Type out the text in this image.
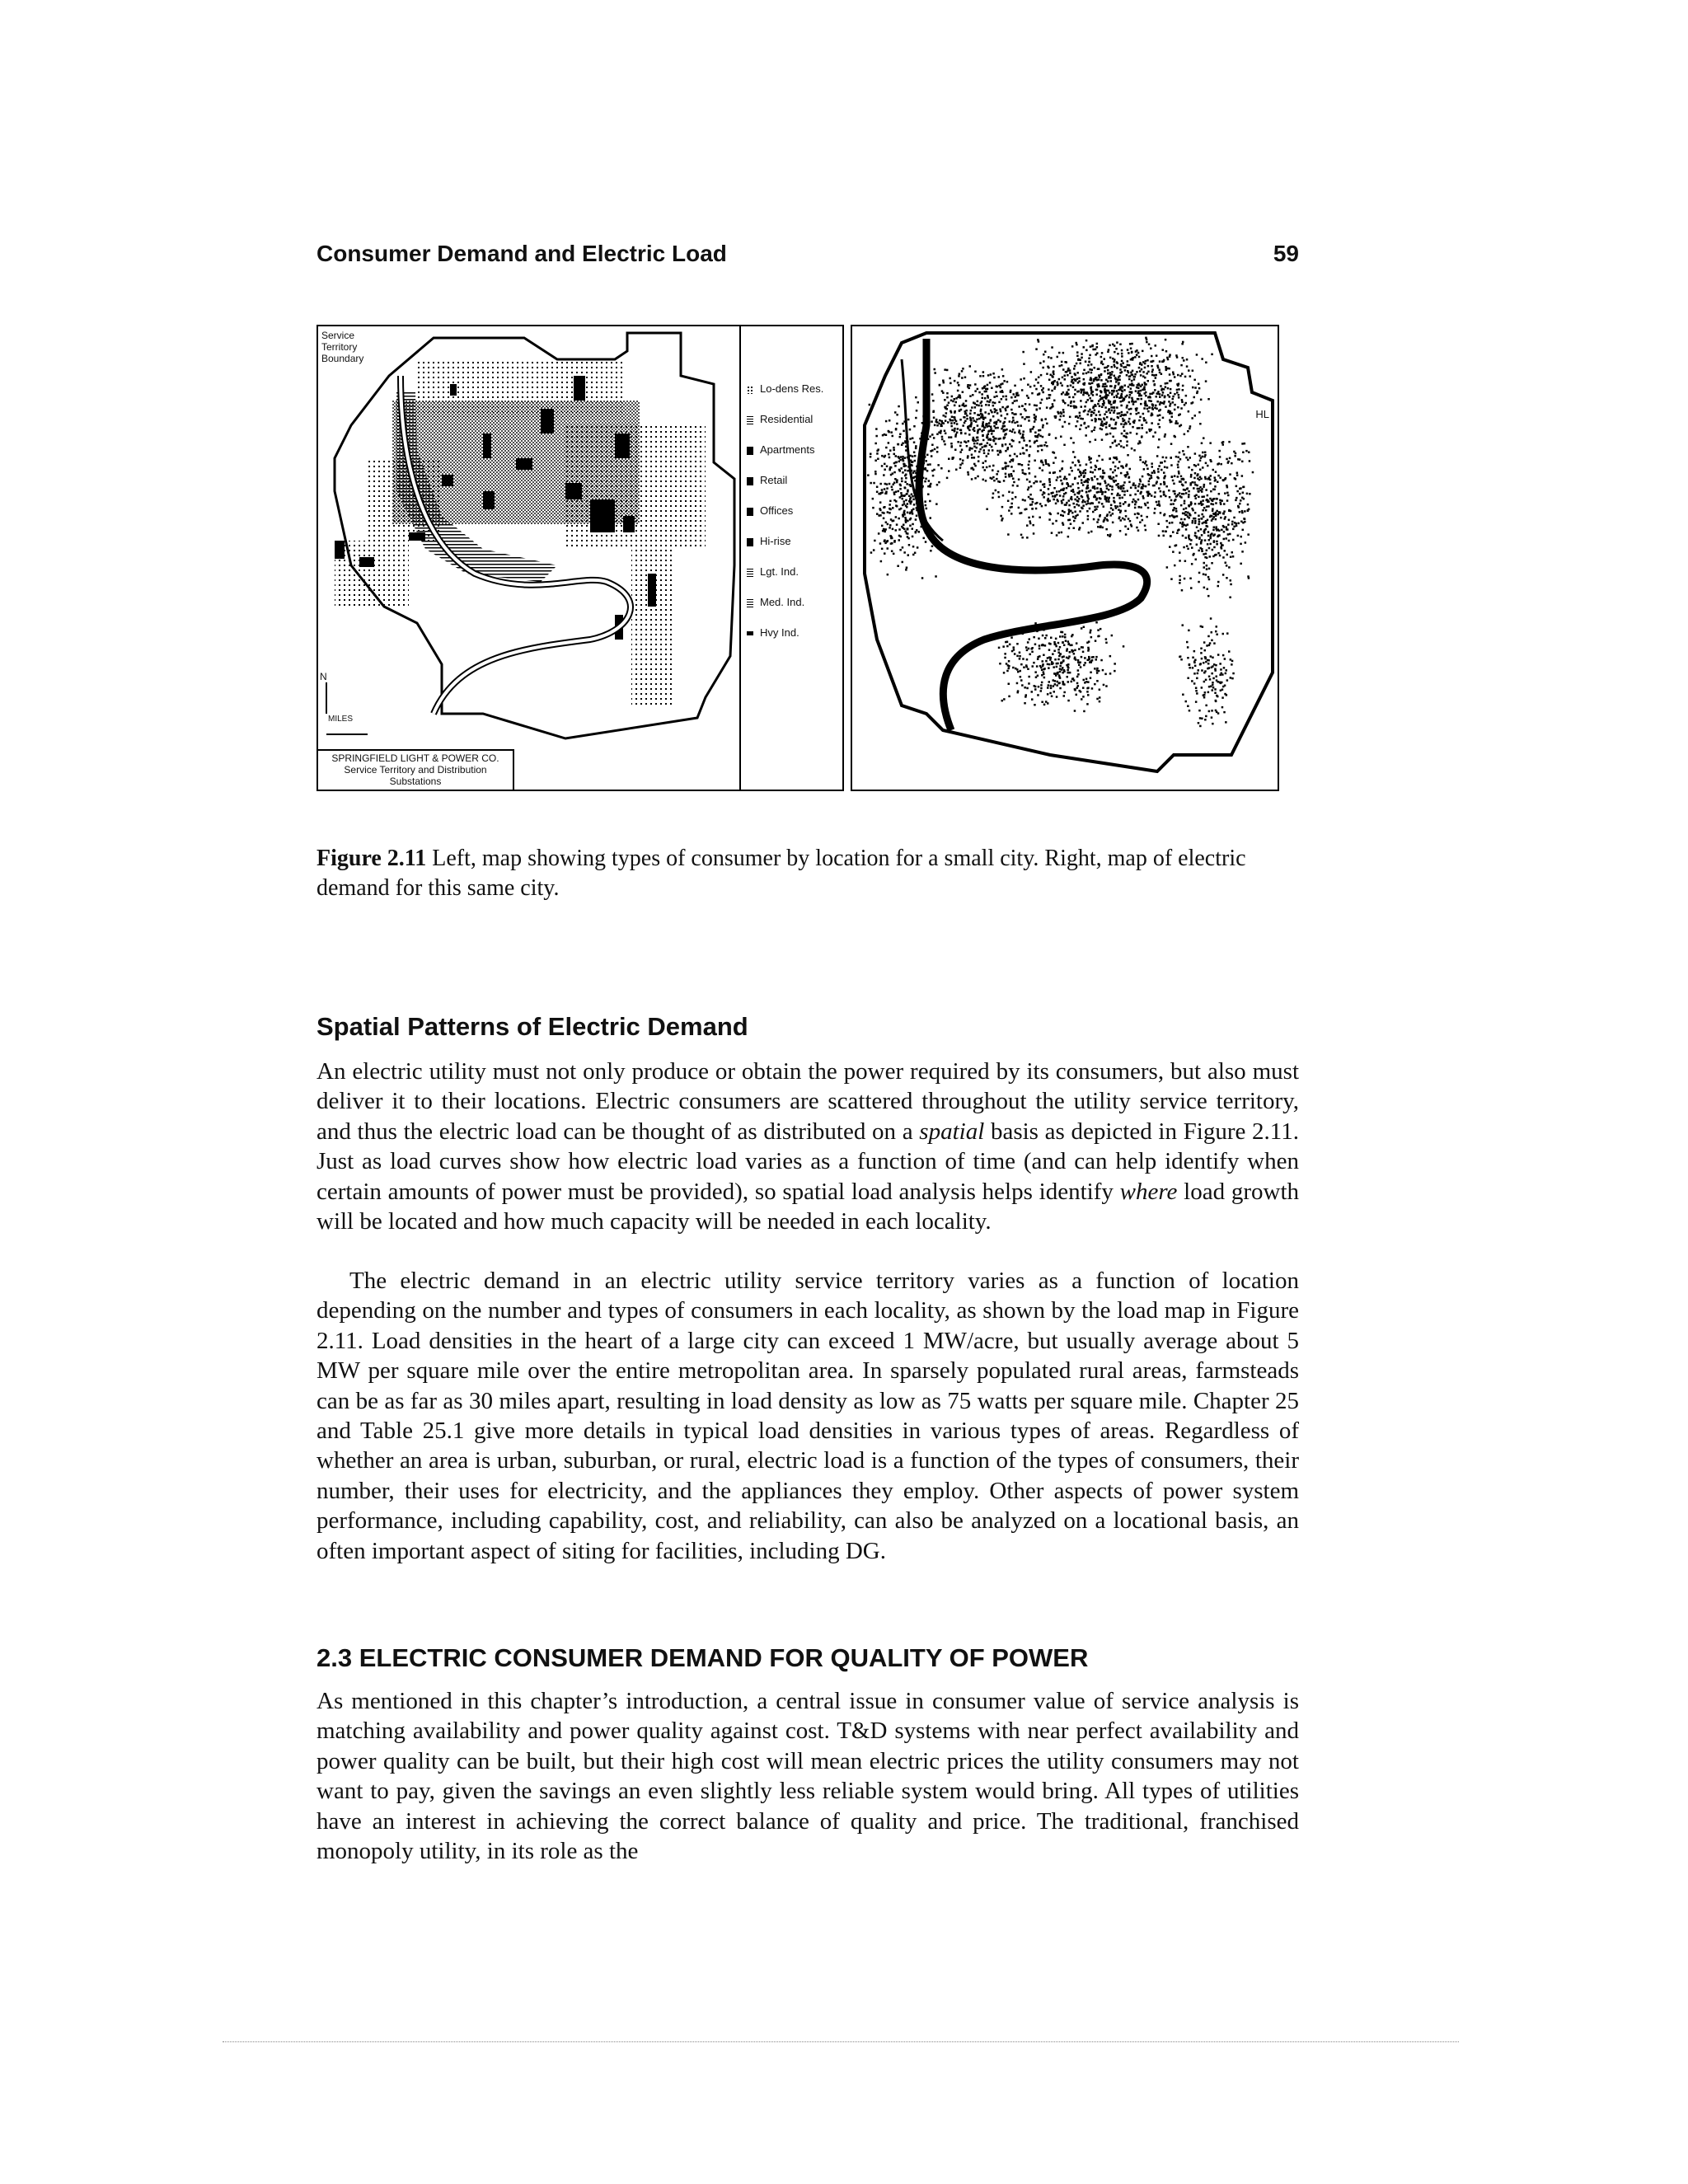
Consumer Demand and Electric Load	59
Service Territory Boundary
N
MILES
SPRINGFIELD LIGHT & POWER CO.
Service Territory and Distribution Substations
Lo-dens Res.
Residential
Apartments
Retail
Offices
Hi-rise
Lgt. Ind.
Med. Ind.
Hvy Ind.
HL
Figure 2.11 Left, map showing types of consumer by location for a small city. Right, map of electric demand for this same city.
Spatial Patterns of Electric Demand

An electric utility must not only produce or obtain the power required by its consumers, but also must deliver it to their locations. Electric consumers are scattered throughout the utility service territory, and thus the electric load can be thought of as distributed on a spatial basis as depicted in Figure 2.11. Just as load curves show how electric load varies as a function of time (and can help identify when certain amounts of power must be provided), so spatial load analysis helps identify where load growth will be located and how much capacity will be needed in each locality.

The electric demand in an electric utility service territory varies as a function of location depending on the number and types of consumers in each locality, as shown by the load map in Figure 2.11. Load densities in the heart of a large city can exceed 1 MW/acre, but usually average about 5 MW per square mile over the entire metropolitan area. In sparsely populated rural areas, farmsteads can be as far as 30 miles apart, resulting in load density as low as 75 watts per square mile. Chapter 25 and Table 25.1 give more details in typical load densities in various types of areas. Regardless of whether an area is urban, suburban, or rural, electric load is a function of the types of consumers, their number, their uses for electricity, and the appliances they employ. Other aspects of power system performance, including capability, cost, and reliability, can also be analyzed on a locational basis, an often important aspect of siting for facilities, including DG.

2.3 ELECTRIC CONSUMER DEMAND FOR QUALITY OF POWER

As mentioned in this chapter’s introduction, a central issue in consumer value of service analysis is matching availability and power quality against cost. T&D systems with near perfect availability and power quality can be built, but their high cost will mean electric prices the utility consumers may not want to pay, given the savings an even slightly less reliable system would bring. All types of utilities have an interest in achieving the correct balance of quality and price. The traditional, franchised monopoly utility, in its role as the
